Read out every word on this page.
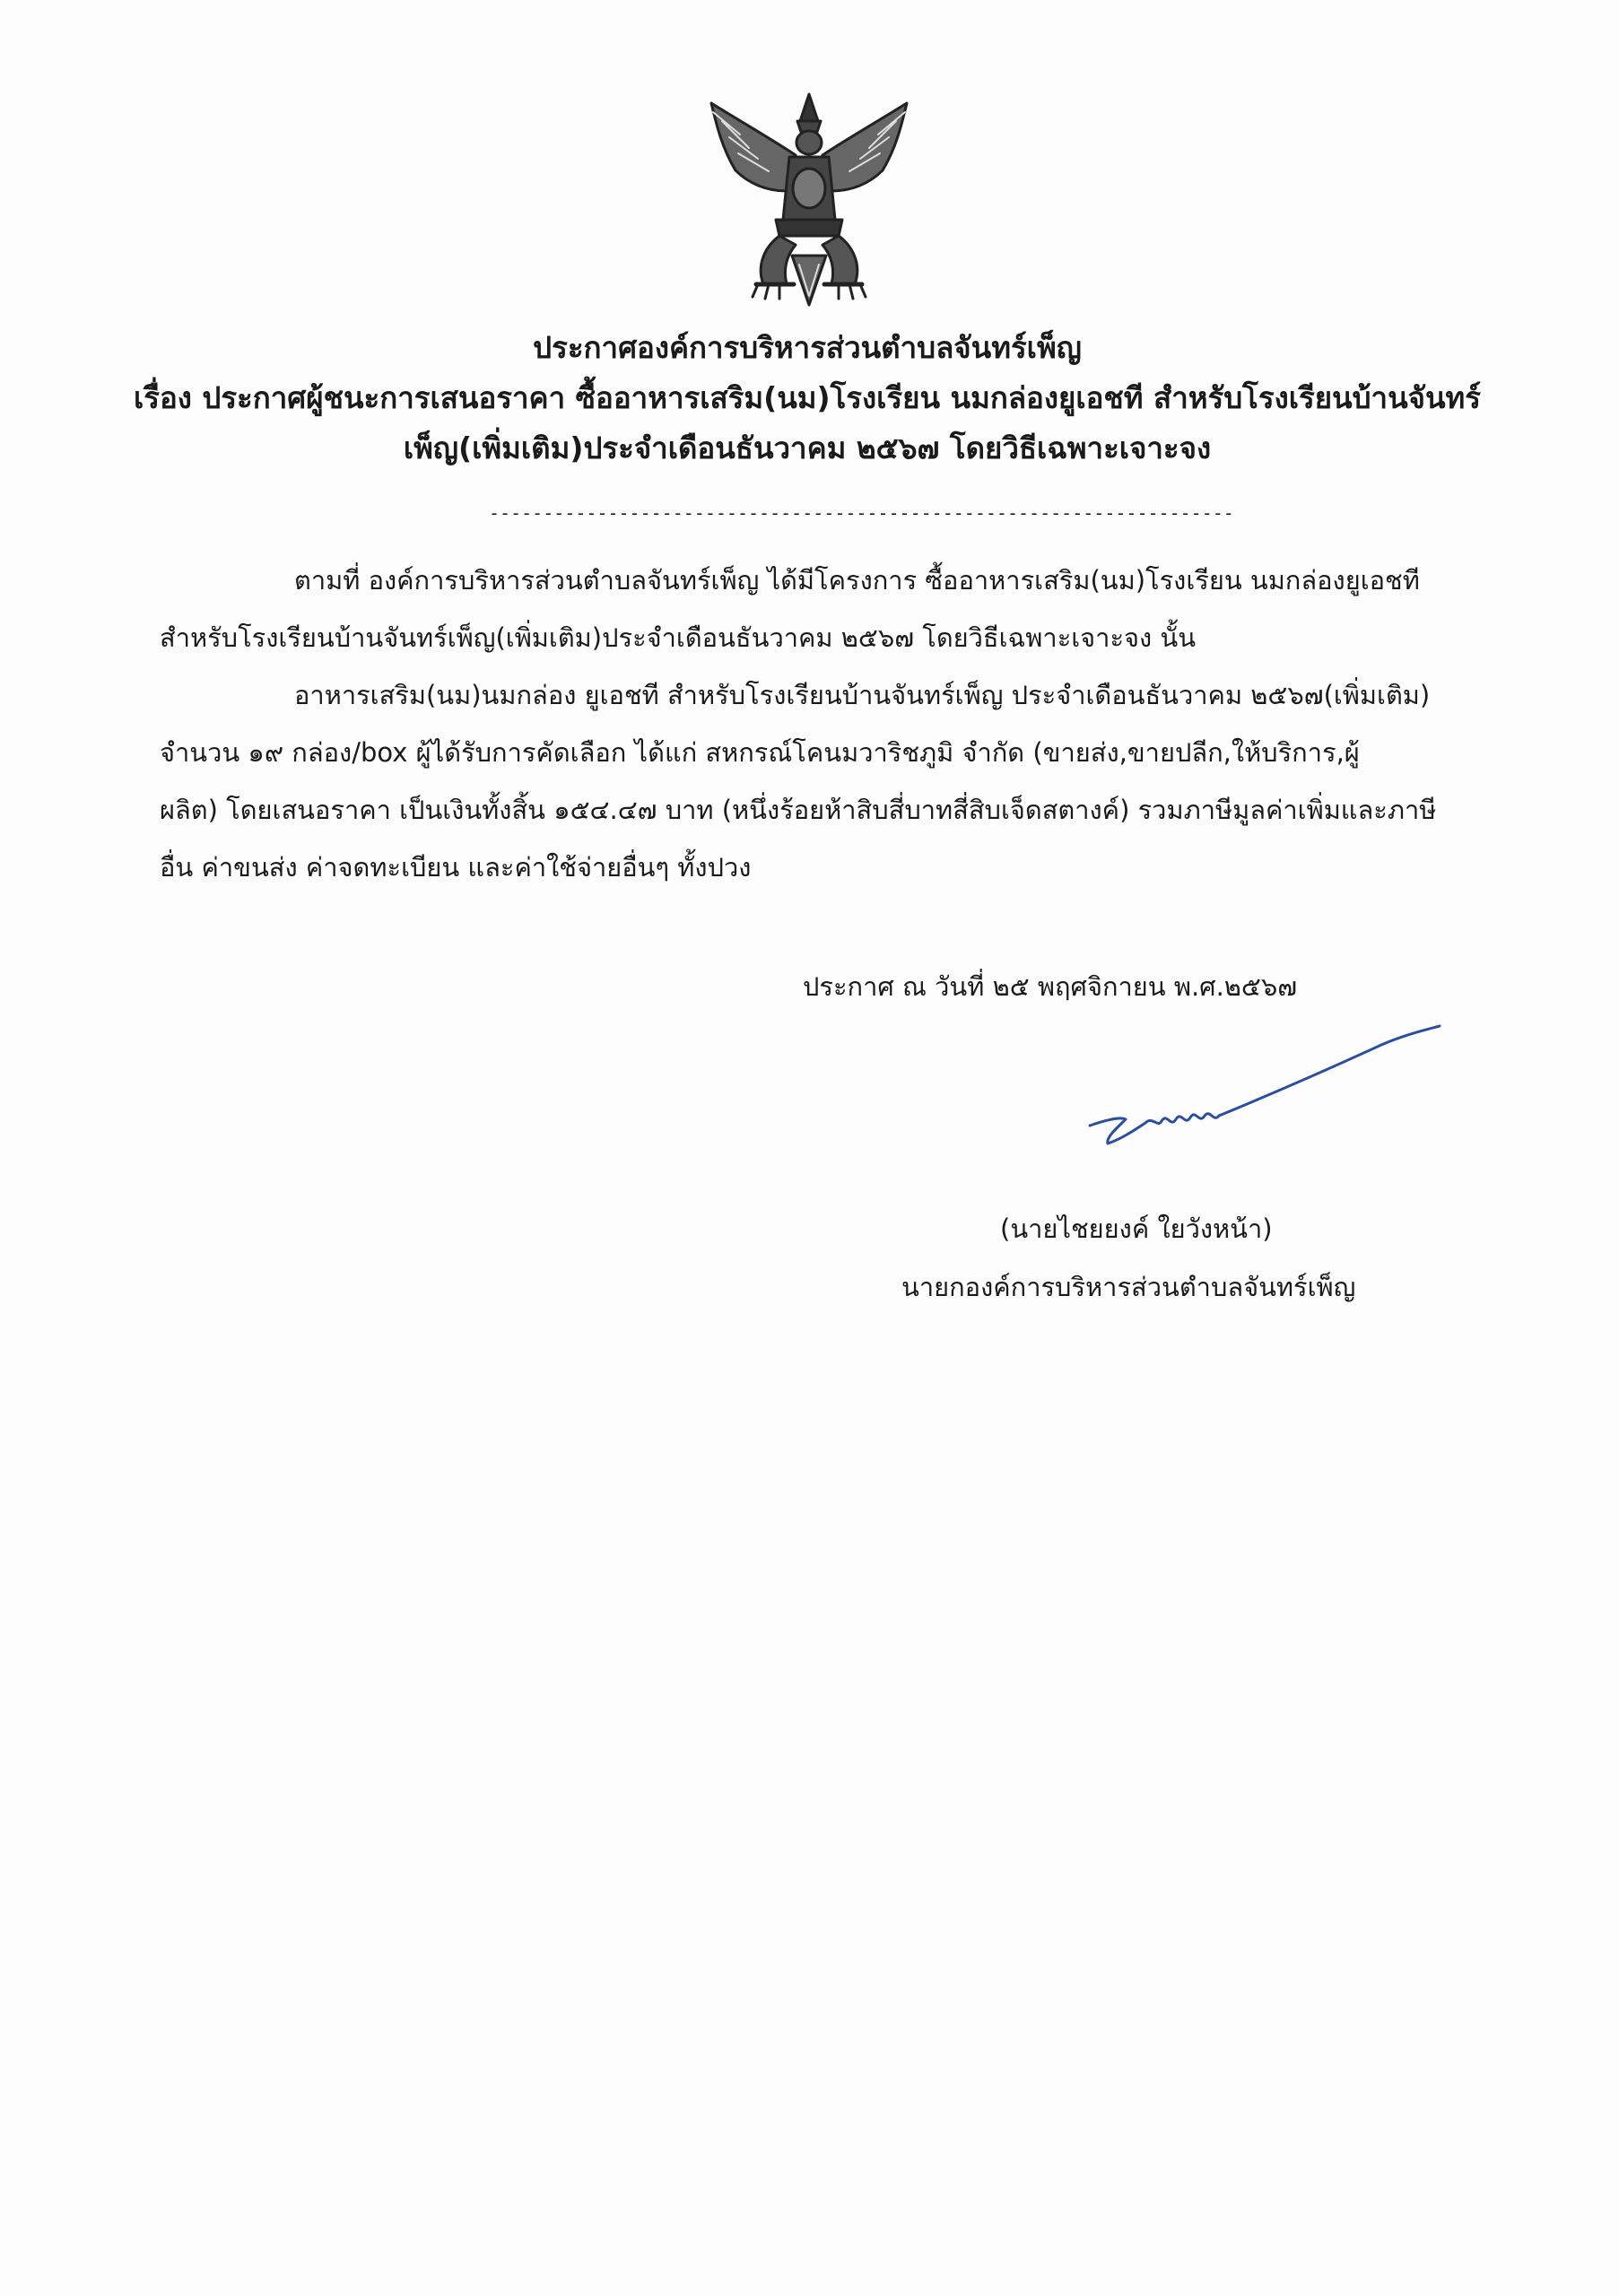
ประกาศองค์การบริหารส่วนตำบลจันทร์เพ็ญ
เรื่อง ประกาศผู้ชนะการเสนอราคา ซื้ออาหารเสริม(นม)โรงเรียน นมกล่องยูเอชที สำหรับโรงเรียนบ้านจันทร์
เพ็ญ(เพิ่มเติม)ประจำเดือนธันวาคม ๒๕๖๗ โดยวิธีเฉพาะเจาะจง
---------------------------------------------------------------------
ตามที่ องค์การบริหารส่วนตำบลจันทร์เพ็ญ ได้มีโครงการ ซื้ออาหารเสริม(นม)โรงเรียน นมกล่องยูเอชที
สำหรับโรงเรียนบ้านจันทร์เพ็ญ(เพิ่มเติม)ประจำเดือนธันวาคม ๒๕๖๗ โดยวิธีเฉพาะเจาะจง นั้น
อาหารเสริม(นม)นมกล่อง ยูเอชที สำหรับโรงเรียนบ้านจันทร์เพ็ญ ประจำเดือนธันวาคม ๒๕๖๗(เพิ่มเติม)
จำนวน ๑๙ กล่อง/box ผู้ได้รับการคัดเลือก ได้แก่ สหกรณ์โคนมวาริชภูมิ จำกัด (ขายส่ง,ขายปลีก,ให้บริการ,ผู้
ผลิต) โดยเสนอราคา เป็นเงินทั้งสิ้น ๑๕๔.๔๗ บาท (หนึ่งร้อยห้าสิบสี่บาทสี่สิบเจ็ดสตางค์) รวมภาษีมูลค่าเพิ่มและภาษี
อื่น ค่าขนส่ง ค่าจดทะเบียน และค่าใช้จ่ายอื่นๆ ทั้งปวง
ประกาศ ณ วันที่ ๒๕ พฤศจิกายน พ.ศ.๒๕๖๗
(นายไชยยงค์ ใยวังหน้า)
นายกองค์การบริหารส่วนตำบลจันทร์เพ็ญ
